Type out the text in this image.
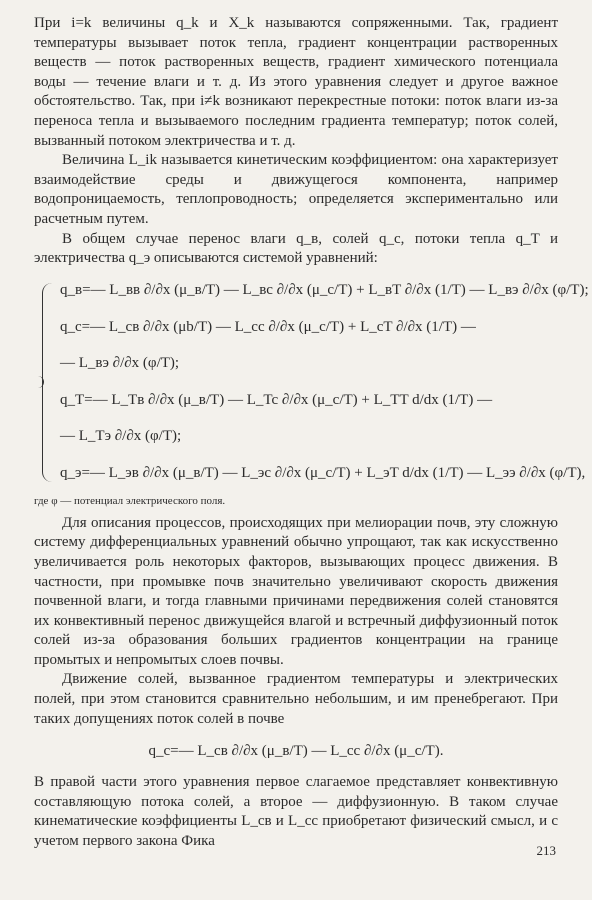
При i=k величины q_k и X_k называются сопряженными. Так, градиент температуры вызывает поток тепла, градиент концентрации растворенных веществ — поток растворенных веществ, градиент химического потенциала воды — течение влаги и т. д. Из этого уравнения следует и другое важное обстоятельство. Так, при i≠k возникают перекрестные потоки: поток влаги из-за переноса тепла и вызываемого последним градиента температур; поток солей, вызванный потоком электричества и т. д.

Величина L_ik называется кинетическим коэффициентом: она характеризует взаимодействие среды и движущегося компонента, например водопроницаемость, теплопроводность; определяется экспериментально или расчетным путем.

В общем случае перенос влаги q_в, солей q_c, потоки тепла q_T и электричества q_э описываются системой уравнений:

q_в=— L_вв ∂/∂x (μ_в/T) — L_вс ∂/∂x (μ_c/T) + L_вT ∂/∂x (1/T) — L_вэ ∂/∂x (φ/T);
q_c=— L_cв ∂/∂x (μb/T) — L_cc ∂/∂x (μ_c/T) + L_cT ∂/∂x (1/T) —
— L_вэ ∂/∂x (φ/T);
q_T=— L_Tв ∂/∂x (μ_в/T) — L_Tc ∂/∂x (μ_c/T) + L_TT d/dx (1/T) —
— L_Tэ ∂/∂x (φ/T);
q_э=— L_эв ∂/∂x (μ_в/T) — L_эc ∂/∂x (μ_c/T) + L_эT d/dx (1/T) — L_ээ ∂/∂x (φ/T),
где φ — потенциал электрического поля.

Для описания процессов, происходящих при мелиорации почв, эту сложную систему дифференциальных уравнений обычно упрощают, так как искусственно увеличивается роль некоторых факторов, вызывающих процесс движения. В частности, при промывке почв значительно увеличивают скорость движения почвенной влаги, и тогда главными причинами передвижения солей становятся их конвективный перенос движущейся влагой и встречный диффузионный поток солей из-за образования больших градиентов концентрации на границе промытых и непромытых слоев почвы.

Движение солей, вызванное градиентом температуры и электрических полей, при этом становится сравнительно небольшим, и им пренебрегают. При таких допущениях поток солей в почве

q_c=— L_cв ∂/∂x (μ_в/T) — L_cc ∂/∂x (μ_c/T).

В правой части этого уравнения первое слагаемое представляет конвективную составляющую потока солей, а второе — диффузионную. В таком случае кинематические коэффициенты L_cв и L_cc приобретают физический смысл, и с учетом первого закона Фика

213
